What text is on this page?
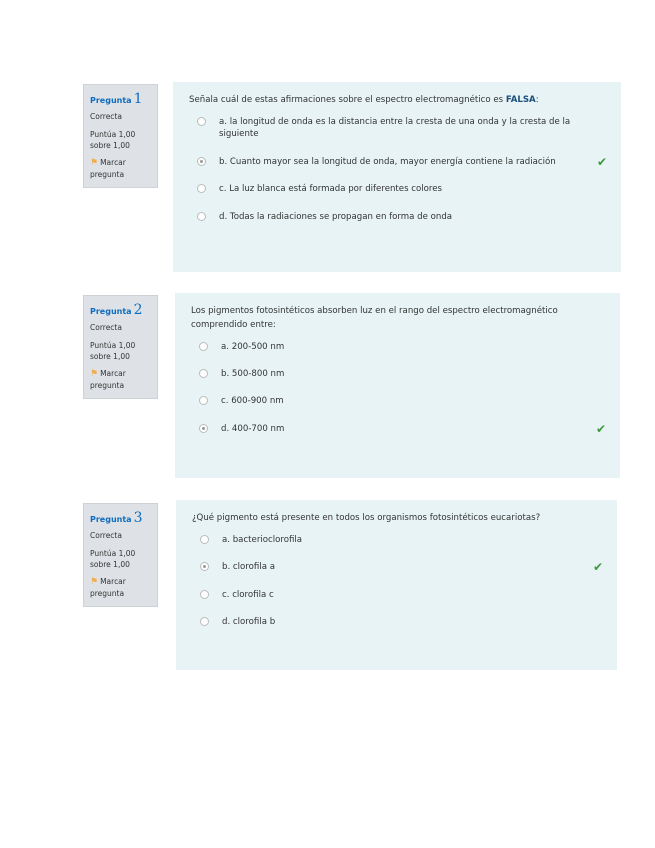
Pregunta 1
Correcta
Puntúa 1,00 sobre 1,00
⚑ Marcar pregunta
Señala cuál de estas afirmaciones sobre el espectro electromagnético es FALSA:
a. la longitud de onda es la distancia entre la cresta de una onda y la cresta de la siguiente
b. Cuanto mayor sea la longitud de onda, mayor energía contiene la radiación	✔
c. La luz blanca está formada por diferentes colores
d. Todas la radiaciones se propagan en forma de onda
Pregunta 2
Correcta
Puntúa 1,00 sobre 1,00
⚑ Marcar pregunta
Los pigmentos fotosintéticos absorben luz en el rango del espectro electromagnético comprendido entre:
a. 200-500 nm
b. 500-800 nm
c. 600-900 nm
d. 400-700 nm	✔
Pregunta 3
Correcta
Puntúa 1,00 sobre 1,00
⚑ Marcar pregunta
¿Qué pigmento está presente en todos los organismos fotosintéticos eucariotas?
a. bacterioclorofila
b. clorofila a	✔
c. clorofila c
d. clorofila b
